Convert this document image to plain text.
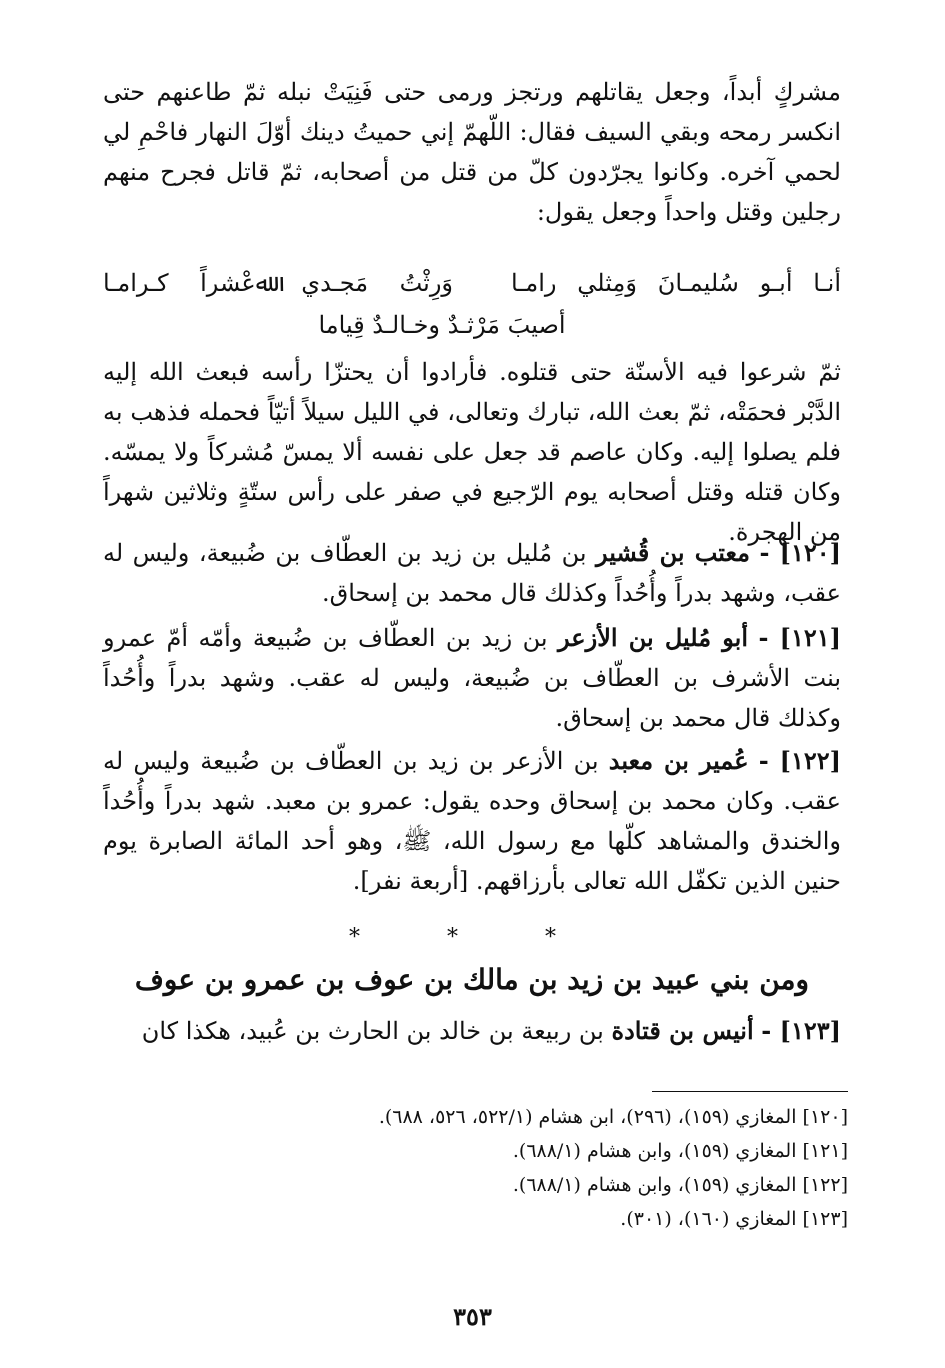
مشركٍ أبداً، وجعل يقاتلهم ورتجز ورمى حتى فَنِيَتْ نبله ثمّ طاعنهم حتى انكسر رمحه وبقي السيف فقال: اللّهمّ إني حميتُ دينك أوّلَ النهار فاحْمِ لي لحمي آخره. وكانوا يجرّدون كلّ من قتل من أصحابه، ثمّ قاتل فجرح منهم رجلين وقتل واحداً وجعل يقول:

أنـا أبـو سُليمـانَ وَمِثلي رامـا
وَرِثْتُ مَجـدي ﷲعْشراً كـرامـا
أصيبَ مَرْثـدٌ وخـالـدٌ قِياما

ثمّ شرعوا فيه الأسنّة حتى قتلوه. فأرادوا أن يحتزّا رأسه فبعث الله إليه الدَّبْر فحمَتْه، ثمّ بعث الله، تبارك وتعالى، في الليل سيلاً أتيّاً فحمله فذهب به فلم يصلوا إليه. وكان عاصم قد جعل على نفسه ألا يمسّ مُشركاً ولا يمسّه. وكان قتله وقتل أصحابه يوم الرّجيع في صفر على رأس ستّةٍ وثلاثين شهراً من الهجرة.

[١٢٠] - معتب بن قُشير بن مُليل بن زيد بن العطّاف بن ضُبيعة، وليس له عقب، وشهد بدراً وأُحُداً وكذلك قال محمد بن إسحاق.

[١٢١] - أبو مُليل بن الأزعر بن زيد بن العطّاف بن ضُبيعة وأمّه أمّ عمرو بنت الأشرف بن العطّاف بن ضُبيعة، وليس له عقب. وشهد بدراً وأُحُداً وكذلك قال محمد بن إسحاق.

[١٢٢] - عُمير بن معبد بن الأزعر بن زيد بن العطّاف بن ضُبيعة وليس له عقب. وكان محمد بن إسحاق وحده يقول: عمرو بن معبد. شهد بدراً وأُحُداً والخندق والمشاهد كلّها مع رسول الله، ﷺ، وهو أحد المائة الصابرة يوم حنين الذين تكفّل الله تعالى بأرزاقهم. [أربعة نفر].

* * *
ومن بني عبيد بن زيد بن مالك بن عوف بن عمرو بن عوف

[١٢٣] - أنيس بن قتادة بن ربيعة بن خالد بن الحارث بن عُبيد، هكذا كان

[١٢٠] المغازي (١٥٩)، (٢٩٦)، ابن هشام (٥٢٢/١، ٥٢٦، ٦٨٨).
[١٢١] المغازي (١٥٩)، وابن هشام (٦٨٨/١).
[١٢٢] المغازي (١٥٩)، وابن هشام (٦٨٨/١).
[١٢٣] المغازي (١٦٠)، (٣٠١).
٣٥٣
